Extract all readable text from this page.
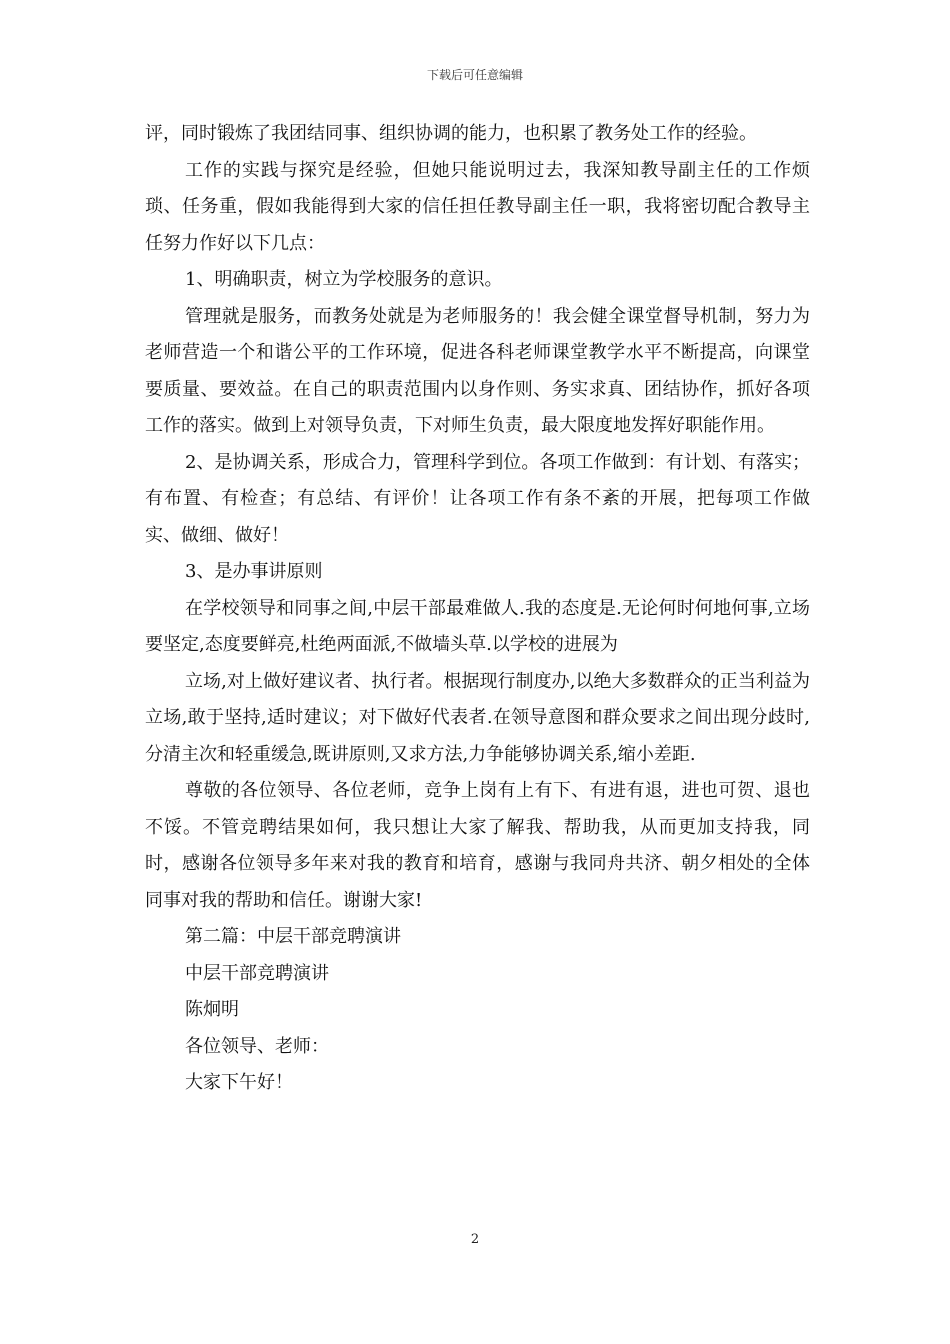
下载后可任意编辑

评，同时锻炼了我团结同事、组织协调的能力，也积累了教务处工作的经验。

工作的实践与探究是经验，但她只能说明过去，我深知教导副主任的工作烦琐、任务重，假如我能得到大家的信任担任教导副主任一职，我将密切配合教导主任努力作好以下几点：

1、明确职责，树立为学校服务的意识。

管理就是服务，而教务处就是为老师服务的！我会健全课堂督导机制，努力为老师营造一个和谐公平的工作环境，促进各科老师课堂教学水平不断提高，向课堂要质量、要效益。在自己的职责范围内以身作则、务实求真、团结协作，抓好各项工作的落实。做到上对领导负责，下对师生负责，最大限度地发挥好职能作用。

2、是协调关系，形成合力，管理科学到位。各项工作做到：有计划、有落实；有布置、有检查；有总结、有评价！让各项工作有条不紊的开展，把每项工作做实、做细、做好！

3、是办事讲原则

在学校领导和同事之间,中层干部最难做人.我的态度是.无论何时何地何事,立场要坚定,态度要鲜亮,杜绝两面派,不做墙头草.以学校的进展为

立场,对上做好建议者、执行者。根据现行制度办,以绝大多数群众的正当利益为立场,敢于坚持,适时建议；对下做好代表者.在领导意图和群众要求之间出现分歧时,分清主次和轻重缓急,既讲原则,又求方法,力争能够协调关系,缩小差距.

尊敬的各位领导、各位老师，竞争上岗有上有下、有进有退，进也可贺、退也不馁。不管竞聘结果如何，我只想让大家了解我、帮助我，从而更加支持我，同时，感谢各位领导多年来对我的教育和培育，感谢与我同舟共济、朝夕相处的全体同事对我的帮助和信任。谢谢大家!

第二篇：中层干部竞聘演讲

中层干部竞聘演讲

陈炯明

各位领导、老师：

大家下午好！

2
